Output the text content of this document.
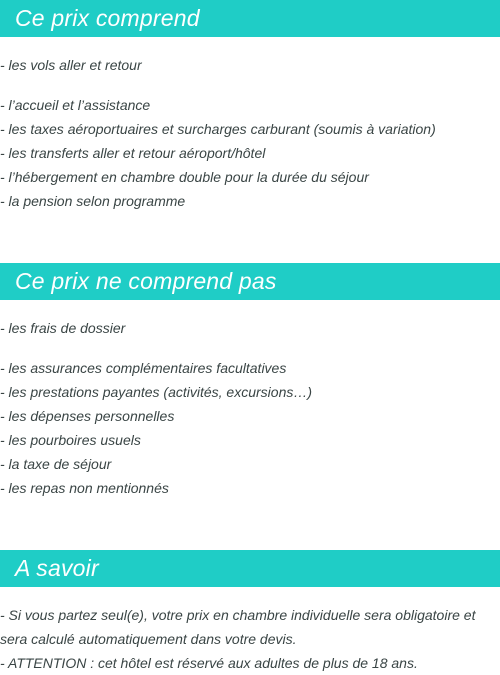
Ce prix comprend
- les vols aller et retour
- l’accueil et l’assistance
- les taxes aéroportuaires et surcharges carburant (soumis à variation)
- les transferts aller et retour aéroport/hôtel
- l’hébergement en chambre double pour la durée du séjour
- la pension selon programme
Ce prix ne comprend pas
- les frais de dossier
- les assurances complémentaires facultatives
- les prestations payantes (activités, excursions…)
- les dépenses personnelles
- les pourboires usuels
- la taxe de séjour
- les repas non mentionnés
A savoir

- Si vous partez seul(e), votre prix en chambre individuelle sera obligatoire et sera calculé automatiquement dans votre devis.

- ATTENTION : cet hôtel est réservé aux adultes de plus de 18 ans.
